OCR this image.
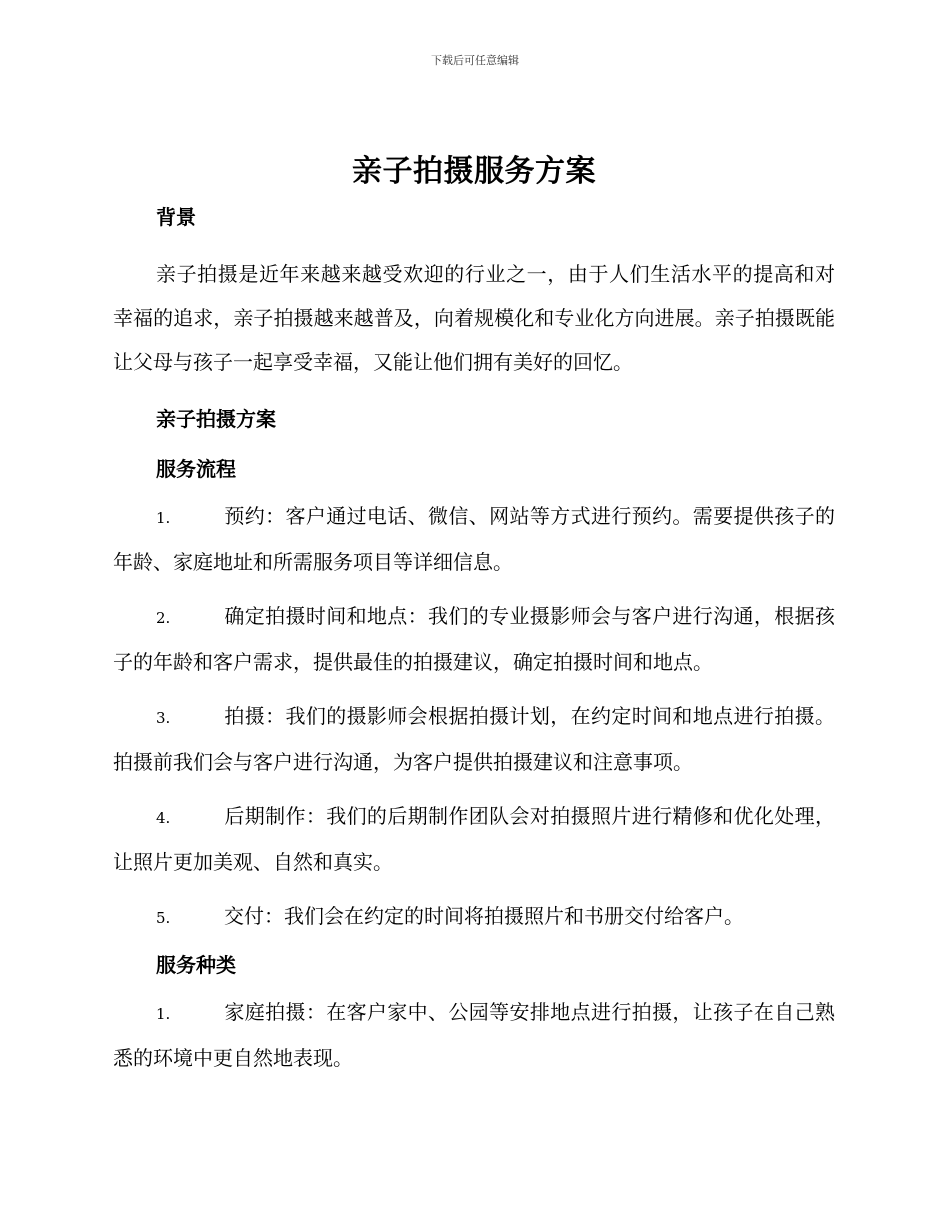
下载后可任意编辑
亲子拍摄服务方案
背景

亲子拍摄是近年来越来越受欢迎的行业之一，由于人们生活水平的提高和对幸福的追求，亲子拍摄越来越普及，向着规模化和专业化方向进展。亲子拍摄既能让父母与孩子一起享受幸福，又能让他们拥有美好的回忆。

亲子拍摄方案
服务流程
1.	预约：客户通过电话、微信、网站等方式进行预约。需要提供孩子的年龄、家庭地址和所需服务项目等详细信息。
2.	确定拍摄时间和地点：我们的专业摄影师会与客户进行沟通，根据孩子的年龄和客户需求，提供最佳的拍摄建议，确定拍摄时间和地点。
3.	拍摄：我们的摄影师会根据拍摄计划，在约定时间和地点进行拍摄。拍摄前我们会与客户进行沟通，为客户提供拍摄建议和注意事项。
4.	后期制作：我们的后期制作团队会对拍摄照片进行精修和优化处理，让照片更加美观、自然和真实。
5.	交付：我们会在约定的时间将拍摄照片和书册交付给客户。
服务种类
1.	家庭拍摄：在客户家中、公园等安排地点进行拍摄，让孩子在自己熟悉的环境中更自然地表现。
